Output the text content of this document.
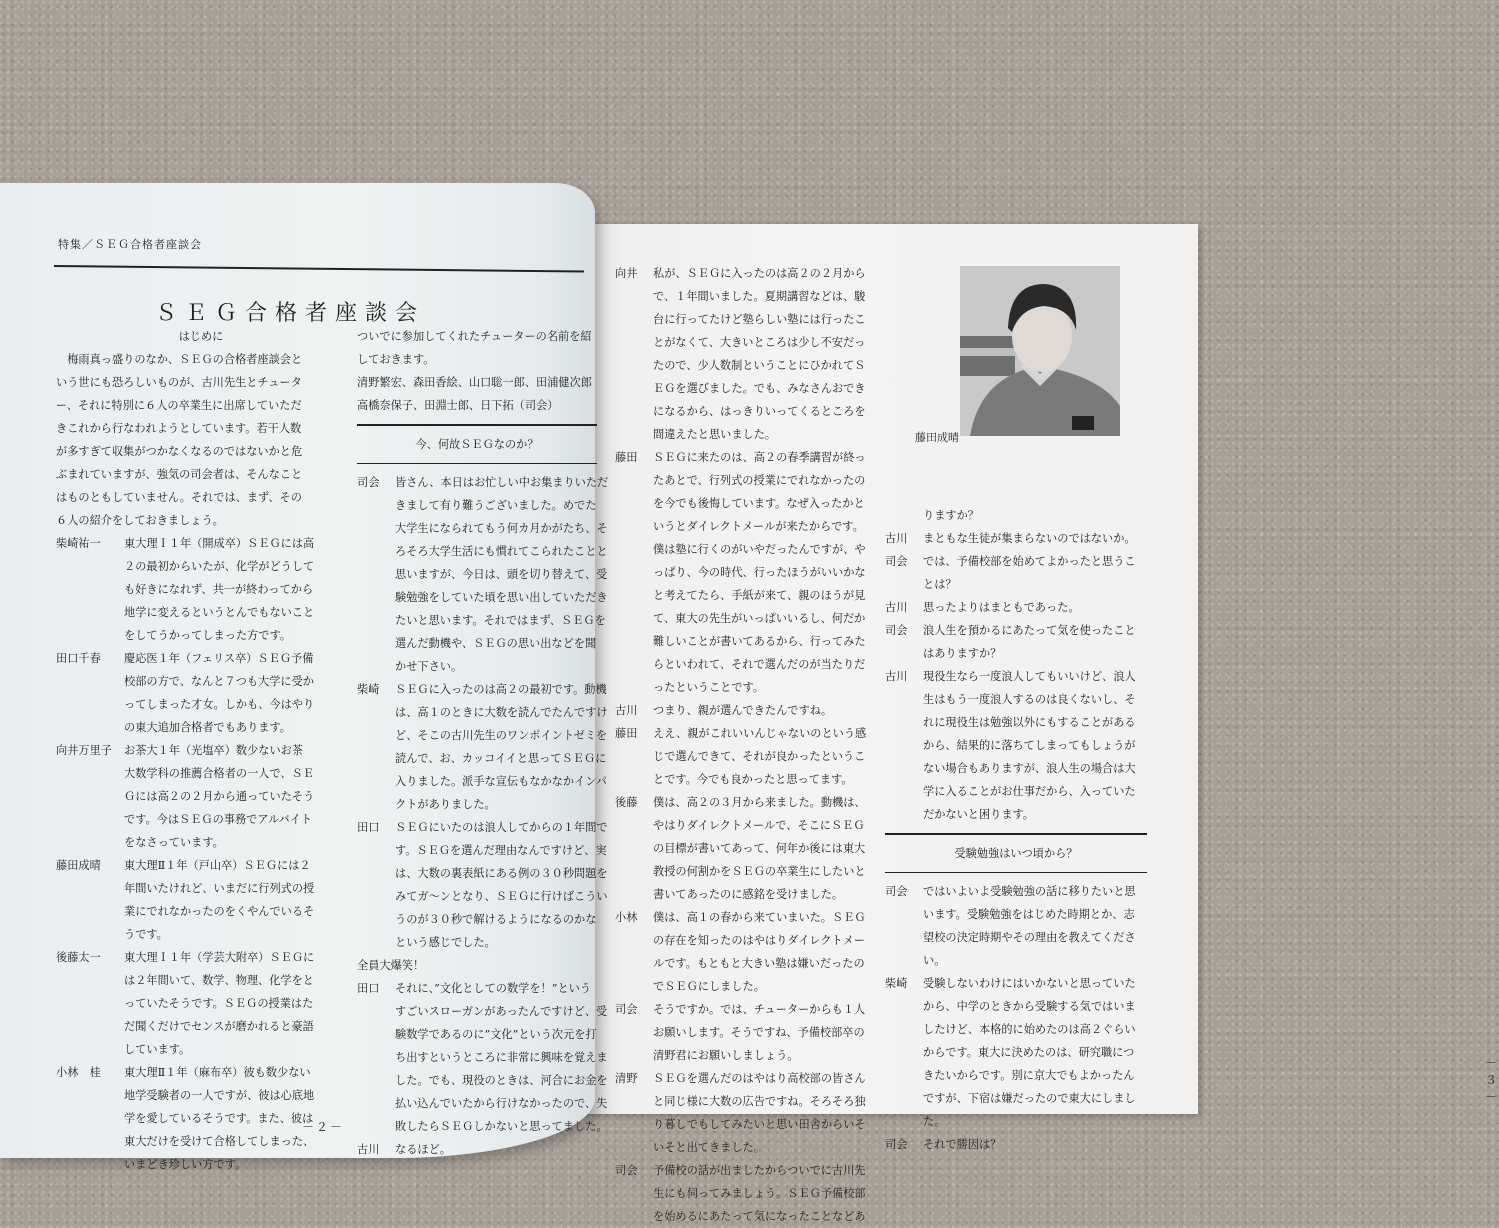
特集／ＳＥＧ合格者座談会
ＳＥＧ合格者座談会

はじめに

梅雨真っ盛りのなか、ＳＥＧの合格者座談会と

いう世にも恐ろしいものが、古川先生とチュータ

ー、それに特別に６人の卒業生に出席していただ

きこれから行なわれようとしています。若干人数

が多すぎて収集がつかなくなるのではないかと危

ぶまれていますが、強気の司会者は、そんなこと

はものともしていません。それでは、まず、その

６人の紹介をしておきましょう。

柴崎祐一	東大理Ｉ１年（開成卒）ＳＥＧには高

２の最初からいたが、化学がどうして

も好きになれず、共一が終わってから

地学に変えるというとんでもないこと

をしてうかってしまった方です。

田口千春	慶応医１年（フェリス卒）ＳＥＧ予備

校部の方で、なんと７つも大学に受か

ってしまった才女。しかも、今はやり

の東大追加合格者でもあります。

向井万里子	お茶大１年（光塩卒）数少ないお茶

大数学科の推薦合格者の一人で、ＳＥ

Ｇには高２の２月から通っていたそう

です。今はＳＥＧの事務でアルバイト

をなさっています。

藤田成晴	東大理Ⅱ１年（戸山卒）ＳＥＧには２

年間いたけれど、いまだに行列式の授

業にでれなかったのをくやんでいるそ

うです。

後藤太一	東大理Ｉ１年（学芸大附卒）ＳＥＧに

は２年間いて、数学、物理、化学をと

っていたそうです。ＳＥＧの授業はた

だ聞くだけでセンスが磨かれると豪語

しています。

小林　桂	東大理Ⅱ１年（麻布卒）彼も数少ない

地学受験者の一人ですが、彼は心底地

学を愛しているそうです。また、彼は

東大だけを受けて合格してしまった、

いまどき珍しい方です。

ついでに参加してくれたチューターの名前を紹

しておきます。

清野繁宏、森田香絵、山口聡一郎、田浦健次郎

高橋奈保子、田淵士郎、日下拓（司会）

今、何故ＳＥＧなのか？

司会	皆さん、本日はお忙しい中お集まりいただ

きまして有り難うございました。めでた

大学生になられてもう何カ月かがたち、そ

ろそろ大学生活にも慣れてこられたことと

思いますが、今日は、頭を切り替えて、受

験勉強をしていた頃を思い出していただき

たいと思います。それではまず、ＳＥＧを

選んだ動機や、ＳＥＧの思い出などを聞

かせ下さい。

柴崎	ＳＥＧに入ったのは高２の最初です。動機

は、高１のときに大数を読んでたんですけ

ど、そこの古川先生のワンポイントゼミを

読んで、お、カッコイイと思ってＳＥＧに

入りました。派手な宣伝もなかなかインパ

クトがありました。

田口	ＳＥＧにいたのは浪人してからの１年間で

す。ＳＥＧを選んだ理由なんですけど、実

は、大数の裏表紙にある例の３０秒問題を

みてガ～ンとなり、ＳＥＧに行けばこうい

うのが３０秒で解けるようになるのかな

という感じでした。

全員大爆笑！

田口	それに、”文化としての数学を！”という

すごいスローガンがあったんですけど、受

験数学であるのに”文化”という次元を打

ち出すというところに非常に興味を覚えま

した。でも、現役のときは、河合にお金を

払い込んでいたから行けなかったので、失

敗したらＳＥＧしかないと思ってました。

古川	なるほど。

－２－
向井	私が、ＳＥＧに入ったのは高２の２月から

で、１年間いました。夏期講習などは、駿

台に行ってたけど塾らしい塾には行ったこ

とがなくて、大きいところは少し不安だっ

たので、少人数制ということにひかれてＳ

ＥＧを選びました。でも、みなさんおでき

になるから、はっきりいってくるところを

間違えたと思いました。

藤田	ＳＥＧに来たのは、高２の春季講習が終っ

たあとで、行列式の授業にでれなかったの

を今でも後悔しています。なぜ入ったかと

いうとダイレクトメールが来たからです。

僕は塾に行くのがいやだったんですが、や

っぱり、今の時代、行ったほうがいいかな

と考えてたら、手紙が来て、親のほうが見

て、東大の先生がいっぱいいるし、何だか

難しいことが書いてあるから、行ってみた

らといわれて、それで選んだのが当たりだ

ったということです。

古川	つまり、親が選んできたんですね。

藤田	ええ、親がこれいいんじゃないのという感

じで選んできて、それが良かったというこ

とです。今でも良かったと思ってます。

後藤	僕は、高２の３月から来ました。動機は、

やはりダイレクトメールで、そこにＳＥＧ

の目標が書いてあって、何年か後には東大

教授の何割かをＳＥＧの卒業生にしたいと

書いてあったのに感銘を受けました。

小林	僕は、高１の春から来ていまいた。ＳＥＧ

の存在を知ったのはやはりダイレクトメー

ルです。もともと大きい塾は嫌いだったの

でＳＥＧにしました。

司会	そうですか。では、チューターからも１人

お願いします。そうですね、予備校部卒の

清野君にお願いしましょう。

清野	ＳＥＧを選んだのはやはり高校部の皆さん

と同じ様に大数の広告ですね。そろそろ独

り暮しでもしてみたいと思い田舎からいそ

いそと出てきました。

司会	予備校の話が出ましたからついでに古川先

生にも伺ってみましょう。ＳＥＧ予備校部

を始めるにあたって気になったことなどあ

藤田成晴

りますか？

古川	まともな生徒が集まらないのではないか。

司会	では、予備校部を始めてよかったと思うこ

とは？

古川	思ったよりはまともであった。

司会	浪人生を預かるにあたって気を使ったこと

はありますか？

古川	現役生なら一度浪人してもいいけど、浪人

生はもう一度浪人するのは良くないし、そ

れに現役生は勉強以外にもすることがある

から、結果的に落ちてしまってもしょうが

ない場合もありますが、浪人生の場合は大

学に入ることがお仕事だから、入っていた

だかないと困ります。

受験勉強はいつ頃から？

司会	ではいよいよ受験勉強の話に移りたいと思

います。受験勉強をはじめた時期とか、志

望校の決定時期やその理由を教えてくださ

い。

柴崎	受験しないわけにはいかないと思っていた

から、中学のときから受験する気ではいま

したけど、本格的に始めたのは高２ぐらい

からです。東大に決めたのは、研究職につ

きたいからです。別に京大でもよかったん

ですが、下宿は嫌だったので東大にしまし

た。

司会	それで勝因は？

－３－
